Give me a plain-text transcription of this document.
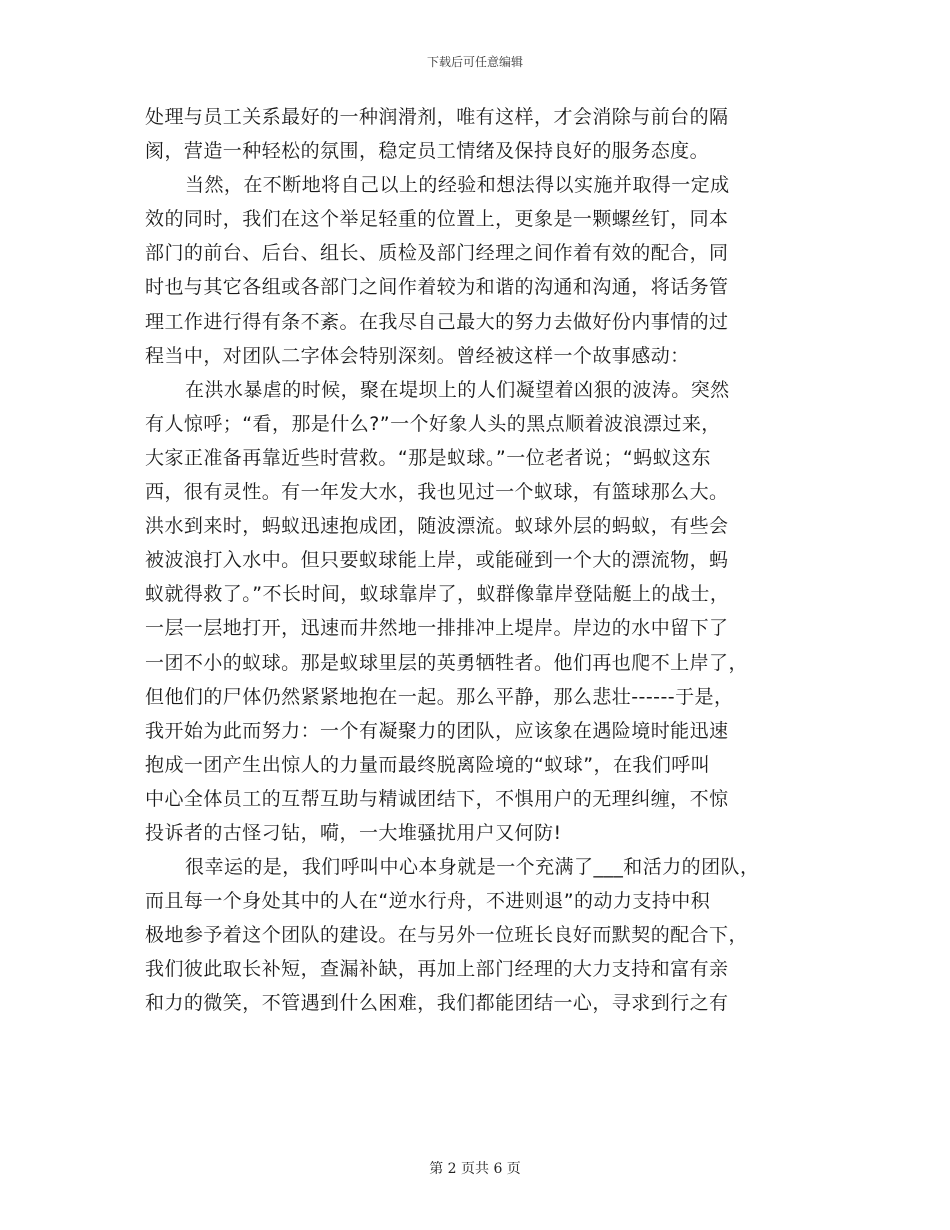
下载后可任意编辑

处理与员工关系最好的一种润滑剂，唯有这样，才会消除与前台的隔
阂，营造一种轻松的氛围，稳定员工情绪及保持良好的服务态度。

当然，在不断地将自己以上的经验和想法得以实施并取得一定成
效的同时，我们在这个举足轻重的位置上，更象是一颗螺丝钉，同本
部门的前台、后台、组长、质检及部门经理之间作着有效的配合，同
时也与其它各组或各部门之间作着较为和谐的沟通和沟通，将话务管
理工作进行得有条不紊。在我尽自己最大的努力去做好份内事情的过
程当中，对团队二字体会特别深刻。曾经被这样一个故事感动：

在洪水暴虐的时候，聚在堤坝上的人们凝望着凶狠的波涛。突然
有人惊呼；“看，那是什么?”一个好象人头的黑点顺着波浪漂过来，
大家正准备再靠近些时营救。“那是蚁球。”一位老者说；“蚂蚁这东
西，很有灵性。有一年发大水，我也见过一个蚁球，有篮球那么大。
洪水到来时，蚂蚁迅速抱成团，随波漂流。蚁球外层的蚂蚁，有些会
被波浪打入水中。但只要蚁球能上岸，或能碰到一个大的漂流物，蚂
蚁就得救了。”不长时间，蚁球靠岸了，蚁群像靠岸登陆艇上的战士，
一层一层地打开，迅速而井然地一排排冲上堤岸。岸边的水中留下了
一团不小的蚁球。那是蚁球里层的英勇牺牲者。他们再也爬不上岸了，
但他们的尸体仍然紧紧地抱在一起。那么平静，那么悲壮------于是，
我开始为此而努力：一个有凝聚力的团队，应该象在遇险境时能迅速
抱成一团产生出惊人的力量而最终脱离险境的“蚁球”，在我们呼叫
中心全体员工的互帮互助与精诚团结下，不惧用户的无理纠缠，不惊
投诉者的古怪刁钻，嗬，一大堆骚扰用户又何防!

很幸运的是，我们呼叫中心本身就是一个充满了___和活力的团队，
而且每一个身处其中的人在“逆水行舟，不进则退”的动力支持中积
极地参予着这个团队的建设。在与另外一位班长良好而默契的配合下，
我们彼此取长补短，查漏补缺，再加上部门经理的大力支持和富有亲
和力的微笑，不管遇到什么困难，我们都能团结一心，寻求到行之有

第 2 页共 6 页
